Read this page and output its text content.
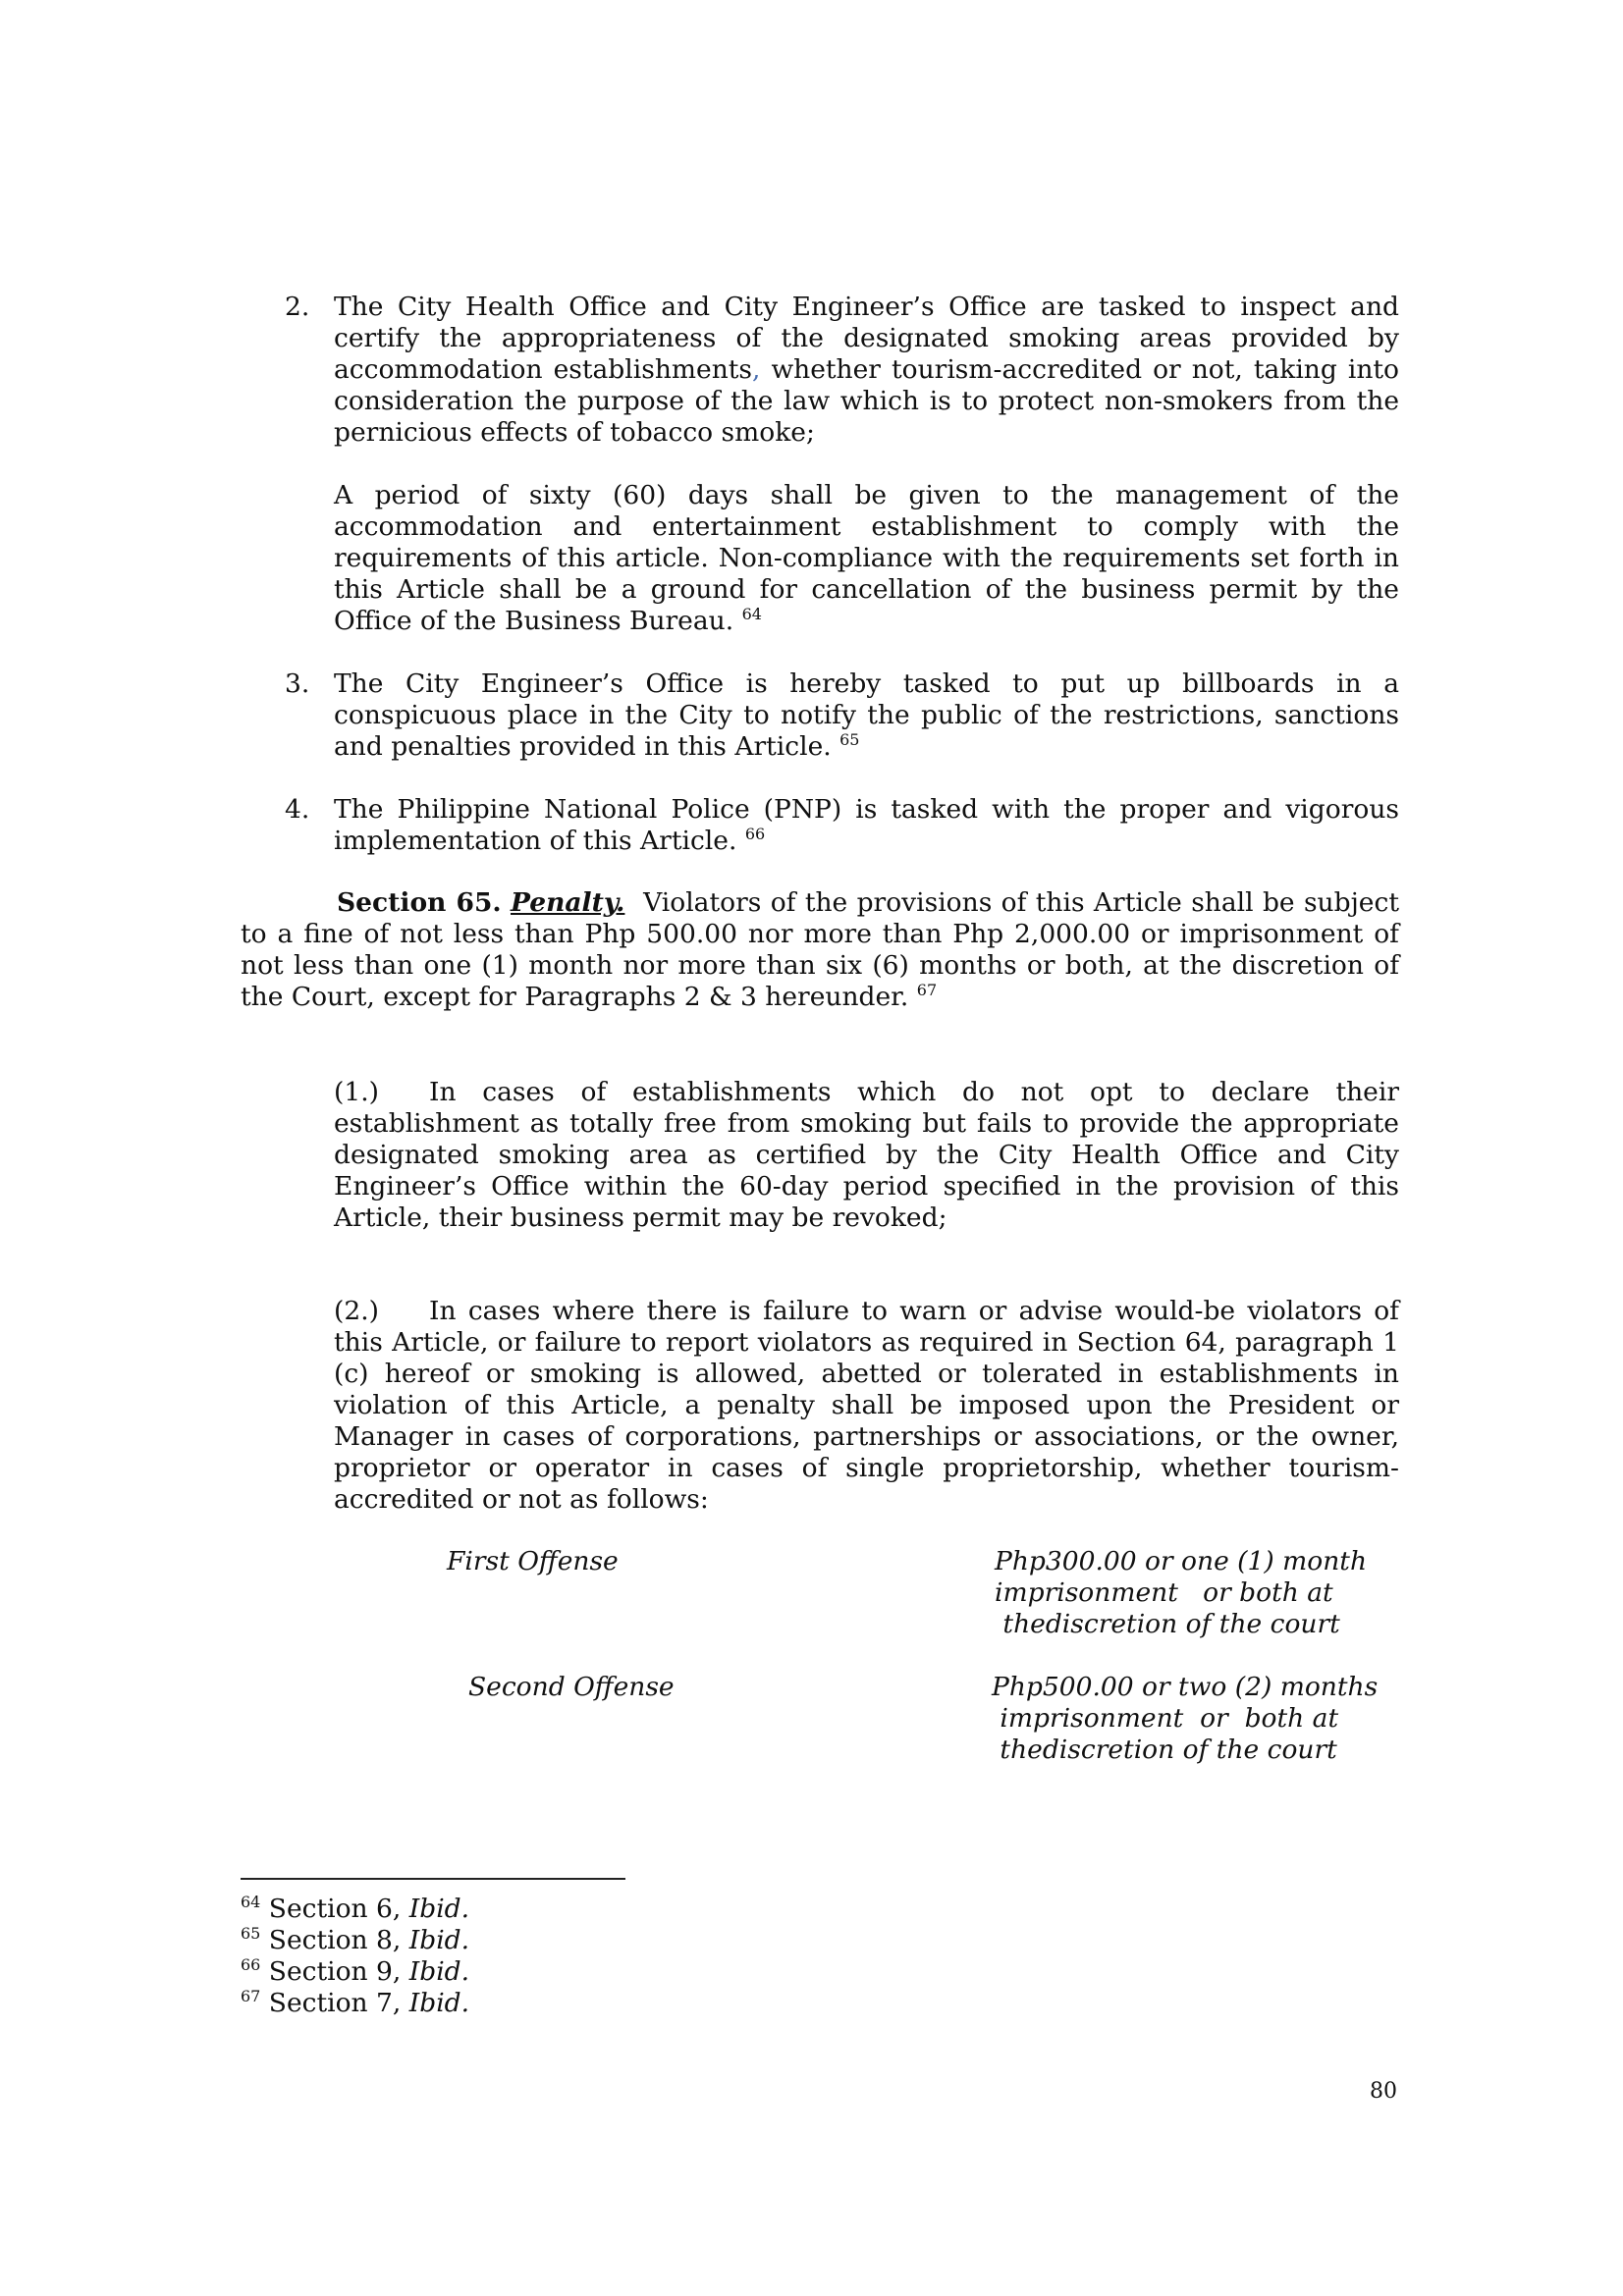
2. The City Health Office and City Engineer’s Office are tasked to inspect and certify the appropriateness of the designated smoking areas provided by accommodation establishments, whether tourism-accredited or not, taking into consideration the purpose of the law which is to protect non-smokers from the pernicious effects of tobacco smoke;

A period of sixty (60) days shall be given to the management of the accommodation and entertainment establishment to comply with the requirements of this article. Non-compliance with the requirements set forth in this Article shall be a ground for cancellation of the business permit by the Office of the Business Bureau. $^{64}$

3. The City Engineer’s Office is hereby tasked to put up billboards in a conspicuous place in the City to notify the public of the restrictions, sanctions and penalties provided in this Article. $^{65}$

4. The Philippine National Police (PNP) is tasked with the proper and vigorous implementation of this Article. $^{66}$

Section 65. Penalty. Violators of the provisions of this Article shall be subject to a fine of not less than Php 500.00 nor more than Php 2,000.00 or imprisonment of not less than one (1) month nor more than six (6) months or both, at the discretion of the Court, except for Paragraphs 2 & 3 hereunder. $^{67}$

(1.) In cases of establishments which do not opt to declare their establishment as totally free from smoking but fails to provide the appropriate designated smoking area as certified by the City Health Office and City Engineer’s Office within the 60-day period specified in the provision of this Article, their business permit may be revoked;

(2.) In cases where there is failure to warn or advise would-be violators of this Article, or failure to report violators as required in Section 64, paragraph 1 (c) hereof or smoking is allowed, abetted or tolerated in establishments in violation of this Article, a penalty shall be imposed upon the President or Manager in cases of corporations, partnerships or associations, or the owner, proprietor or operator in cases of single proprietorship, whether tourism- accredited or not as follows:

First Offense	Php300.00 or one (1) month
imprisonment   or both at
thediscretion of the court
Second Offense	Php500.00 or two (2) months
imprisonment  or  both at
thediscretion of the court
$^{64}$ Section 6, Ibid.
$^{65}$ Section 8, Ibid.
$^{66}$ Section 9, Ibid.
$^{67}$ Section 7, Ibid.
80
